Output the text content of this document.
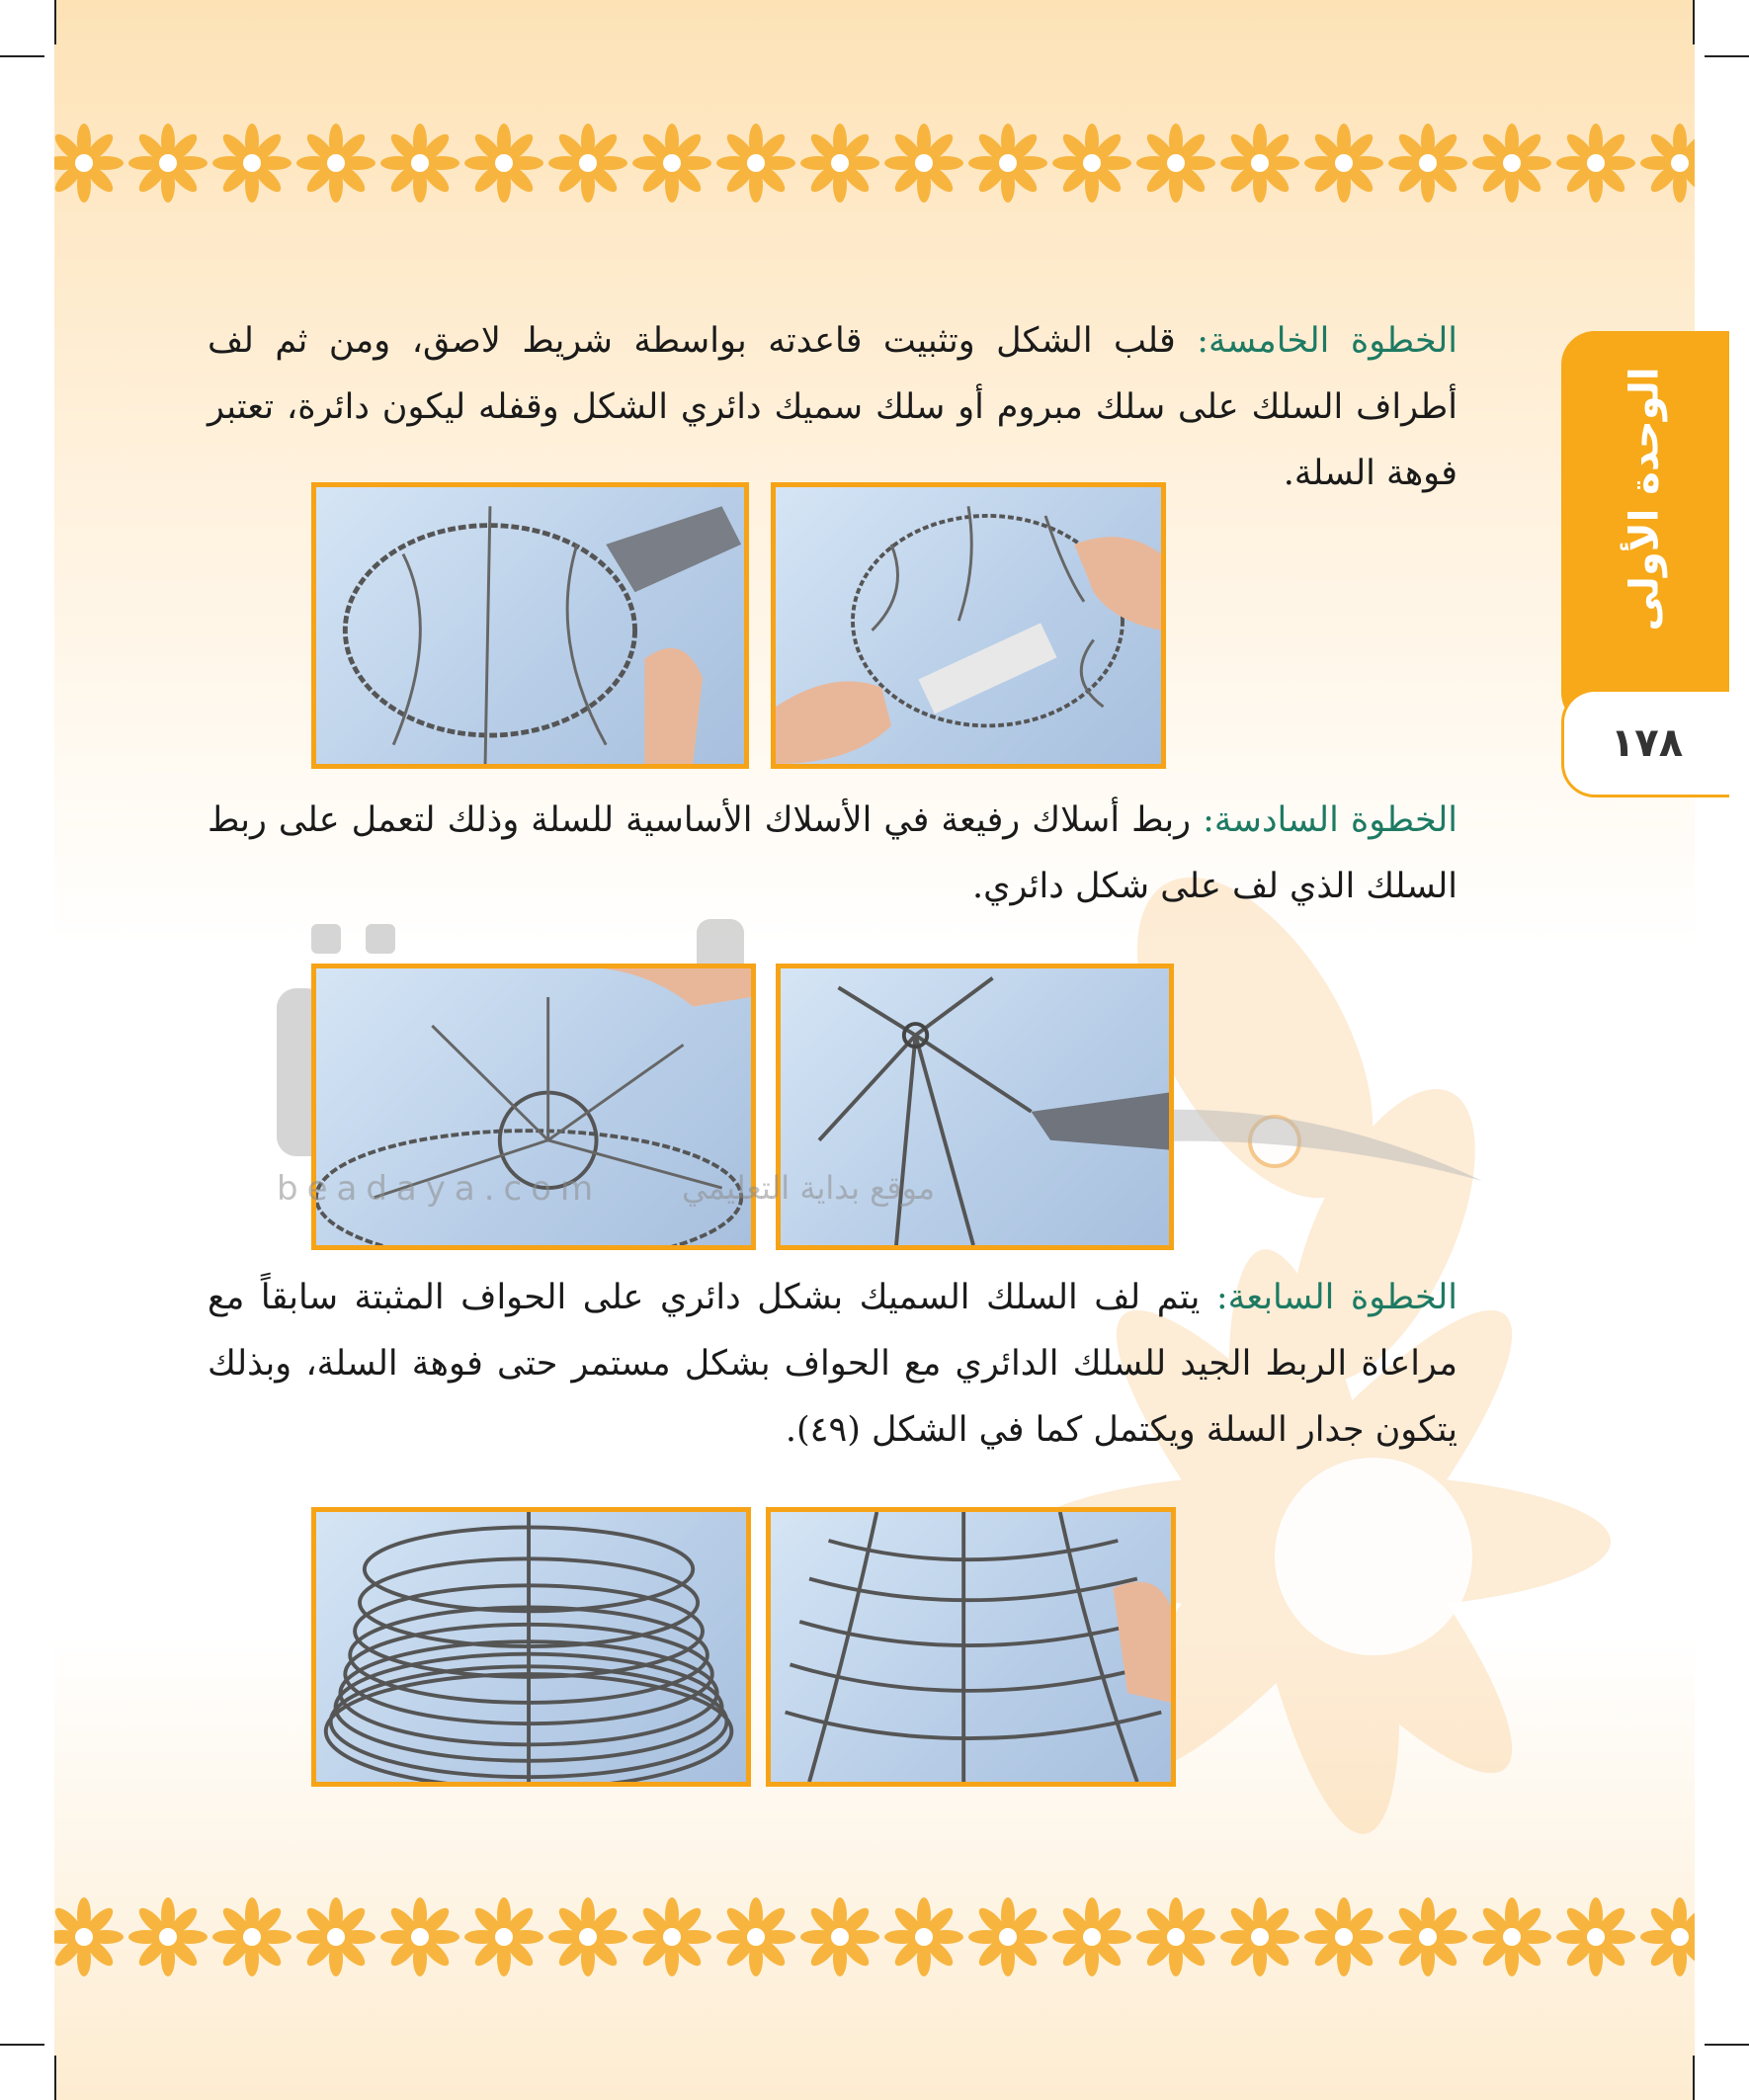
الوحدة الأولى
١٧٨
الخطوة الخامسة: قلب الشكل وتثبيت قاعدته بواسطة شريط لاصق، ومن ثم لف أطراف السلك على سلك مبروم أو سلك سميك دائري الشكل وقفله ليكون دائرة، تعتبر فوهة السلة.
الخطوة السادسة: ربط أسلاك رفيعة في الأسلاك الأساسية للسلة وذلك لتعمل على ربط السلك الذي لف على شكل دائري.
beadaya.com	موقع بداية التعليمي
الخطوة السابعة: يتم لف السلك السميك بشكل دائري على الحواف المثبتة سابقاً مع مراعاة الربط الجيد للسلك الدائري مع الحواف بشكل مستمر حتى فوهة السلة، وبذلك يتكون جدار السلة ويكتمل كما في الشكل (٤٩).
